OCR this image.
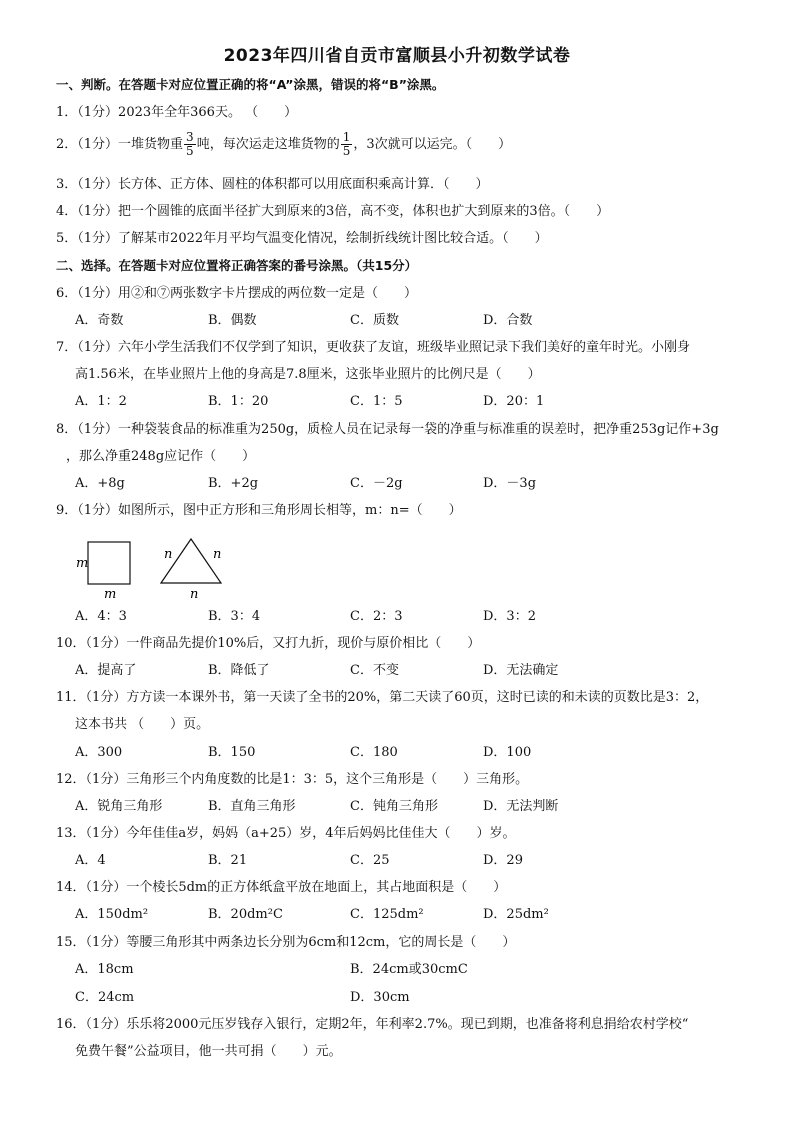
2023年四川省自贡市富顺县小升初数学试卷
一、判断。在答题卡对应位置正确的将“A”涂黑，错误的将“B”涂黑。
1．（1分）2023年全年366天。 （　　）
2．（1分）一堆货物重 $\frac{3}{5}$ 吨，每次运走这堆货物的 $\frac{1}{5}$ ，3次就可以运完。（　　）
3．（1分）长方体、正方体、圆柱的体积都可以用底面积乘高计算．（　　）
4．（1分）把一个圆锥的底面半径扩大到原来的3倍，高不变，体积也扩大到原来的3倍。（　　）
5．（1分）了解某市2022年月平均气温变化情况，绘制折线统计图比较合适。（　　）
二、选择。在答题卡对应位置将正确答案的番号涂黑。（共15分）
6．（1分）用②和⑦两张数字卡片摆成的两位数一定是（　　）
A．奇数	B．偶数	C．质数	D．合数
7．（1分）六年小学生活我们不仅学到了知识，更收获了友谊，班级毕业照记录下我们美好的童年时光。小刚身
高1.56米，在毕业照片上他的身高是7.8厘米，这张毕业照片的比例尺是（　　）
A．1：2	B．1：20	C．1：5	D．20：1
8．（1分）一种袋装食品的标准重为250g，质检人员在记录每一袋的净重与标准重的误差时，把净重253g记作+3g
，那么净重248g应记作（　　）
A．+8g	B．+2g	C．－2g	D．－3g
9．（1分）如图所示，图中正方形和三角形周长相等，m：n=（　　）
m
m
n	n
n
A．4：3	B．3：4	C．2：3	D．3：2
10．（1分）一件商品先提价10%后，又打九折，现价与原价相比（　　）
A．提高了	B．降低了	C．不变	D．无法确定
11．（1分）方方读一本课外书，第一天读了全书的20%，第二天读了60页，这时已读的和未读的页数比是3：2，
这本书共 （　　）页。
A．300	B．150	C．180	D．100
12．（1分）三角形三个内角度数的比是1：3：5，这个三角形是（　　）三角形。
A．锐角三角形	B．直角三角形	C．钝角三角形	D．无法判断
13．（1分）今年佳佳a岁，妈妈（a+25）岁，4年后妈妈比佳佳大（　　）岁。
A．4	B．21	C．25	D．29
14．（1分）一个棱长5dm的正方体纸盒平放在地面上，其占地面积是（　　）
A．150dm²	B．20dm²C	C．125dm²	D．25dm²
15．（1分）等腰三角形其中两条边长分别为6cm和12cm，它的周长是（　　）
A．18cm	B．24cm或30cmC
C．24cm	D．30cm
16．（1分）乐乐将2000元压岁钱存入银行，定期2年，年利率2.7%。现已到期，也准备将利息捐给农村学校“
免费午餐”公益项目，他一共可捐（　　）元。
